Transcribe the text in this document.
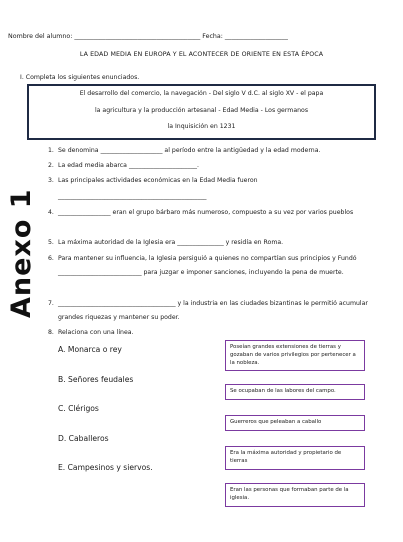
Nombre del alumno: ________________________________________ Fecha: ____________________
LA EDAD MEDIA EN EUROPA Y EL ACONTECER DE ORIENTE EN ESTA ÉPOCA
I. Completa los siguientes enunciados.
El desarrollo del comercio, la navegación - Del siglo V d.C. al siglo XV - el papa
la agricultura y la producción artesanal - Edad Media - Los germanos
la Inquisición en 1231
Anexo 1
1. Se denomina ____________________ al período entre la antigüedad y la edad moderna.
2. La edad media abarca ______________________.
3. Las principales actividades económicas en la Edad Media fueron
________________________________________________
4. _________________ eran el grupo bárbaro más numeroso, compuesto a su vez por varios pueblos
5. La máxima autoridad de la Iglesia era _______________ y residía en Roma.
6. Para mantener su influencia, la Iglesia persiguió a quienes no compartían sus principios y Fundó ___________________________ para juzgar e imponer sanciones, incluyendo la pena de muerte.
7. ______________________________________ y la industria en las ciudades bizantinas le permitió acumular grandes riquezas y mantener su poder.
8. Relaciona con una línea.
A. Monarca o rey
B. Señores feudales
C. Clérigos
D. Caballeros
E. Campesinos y siervos.
Poseían grandes extensiones de tierras y gozaban de varios privilegios por pertenecer a la nobleza.
Se ocupaban de las labores del campo.
Guerreros que peleaban a caballo
Era la máxima autoridad y propietario de tierras
Eran las personas que formaban parte de la iglesia.
